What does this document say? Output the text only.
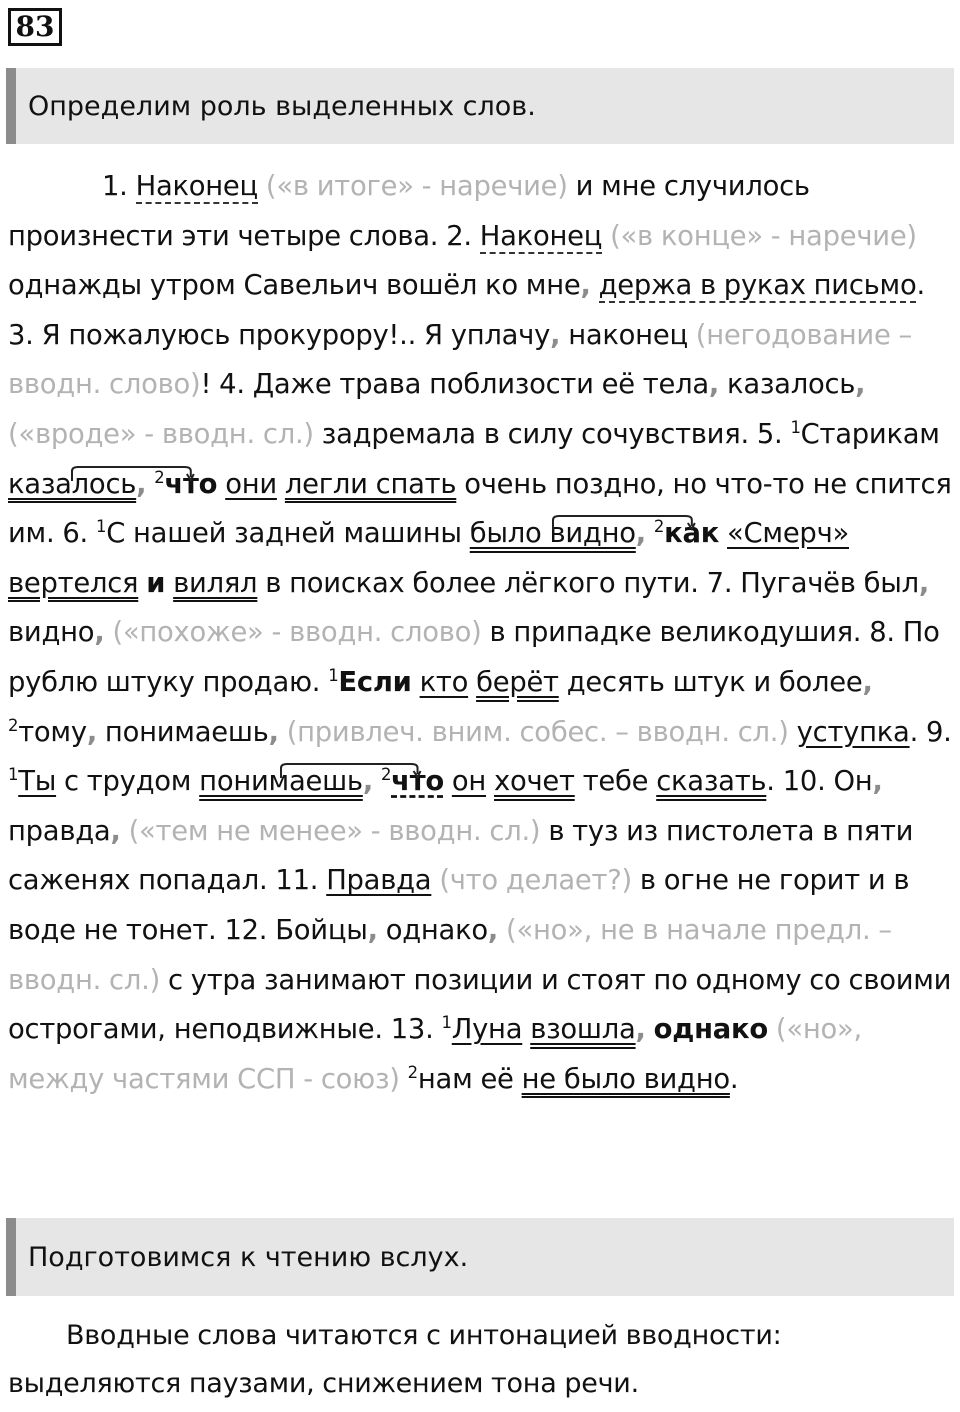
83
Определим роль выделенных слов.
1. Наконец («в итоге» - наречие) и мне случилось произнести эти четыре слова. 2. Наконец («в конце» - наречие) однажды утром Савельич вошёл ко мне, держа в руках письмо. 3. Я пожалуюсь прокурору!.. Я уплачу, наконец (негодование – вводн. слово)! 4. Даже трава поблизости её тела, казалось, («вроде» - вводн. сл.) задремала в силу сочувствия. 5. $^1$Старикам казалось, $^2$что они легли спать очень поздно, но что-то не спится им. 6. $^1$С нашей задней машины было видно, $^2$как «Смерч» вертелся и вилял в поисках более лёгкого пути. 7. Пугачёв был, видно, («похоже» - вводн. слово) в припадке великодушия. 8. По рублю штуку продаю. $^1$Если кто берёт десять штук и более, $^2$тому, понимаешь, (привлеч. вним. собес. – вводн. сл.) уступка. 9. $^1$Ты с трудом понимаешь, $^2$что он хочет тебе сказать. 10. Он, правда, («тем не менее» - вводн. сл.) в туз из пистолета в пяти саженях попадал. 11. Правда (что делает?) в огне не горит и в воде не тонет. 12. Бойцы, однако, («но», не в начале предл. – вводн. сл.) с утра занимают позиции и стоят по одному со своими острогами, неподвижные. 13. $^1$Луна взошла, однако («но», между частями ССП - союз) $^2$нам её не было видно.
Подготовимся к чтению вслух.
Вводные слова читаются с интонацией вводности: выделяются паузами, снижением тона речи.
